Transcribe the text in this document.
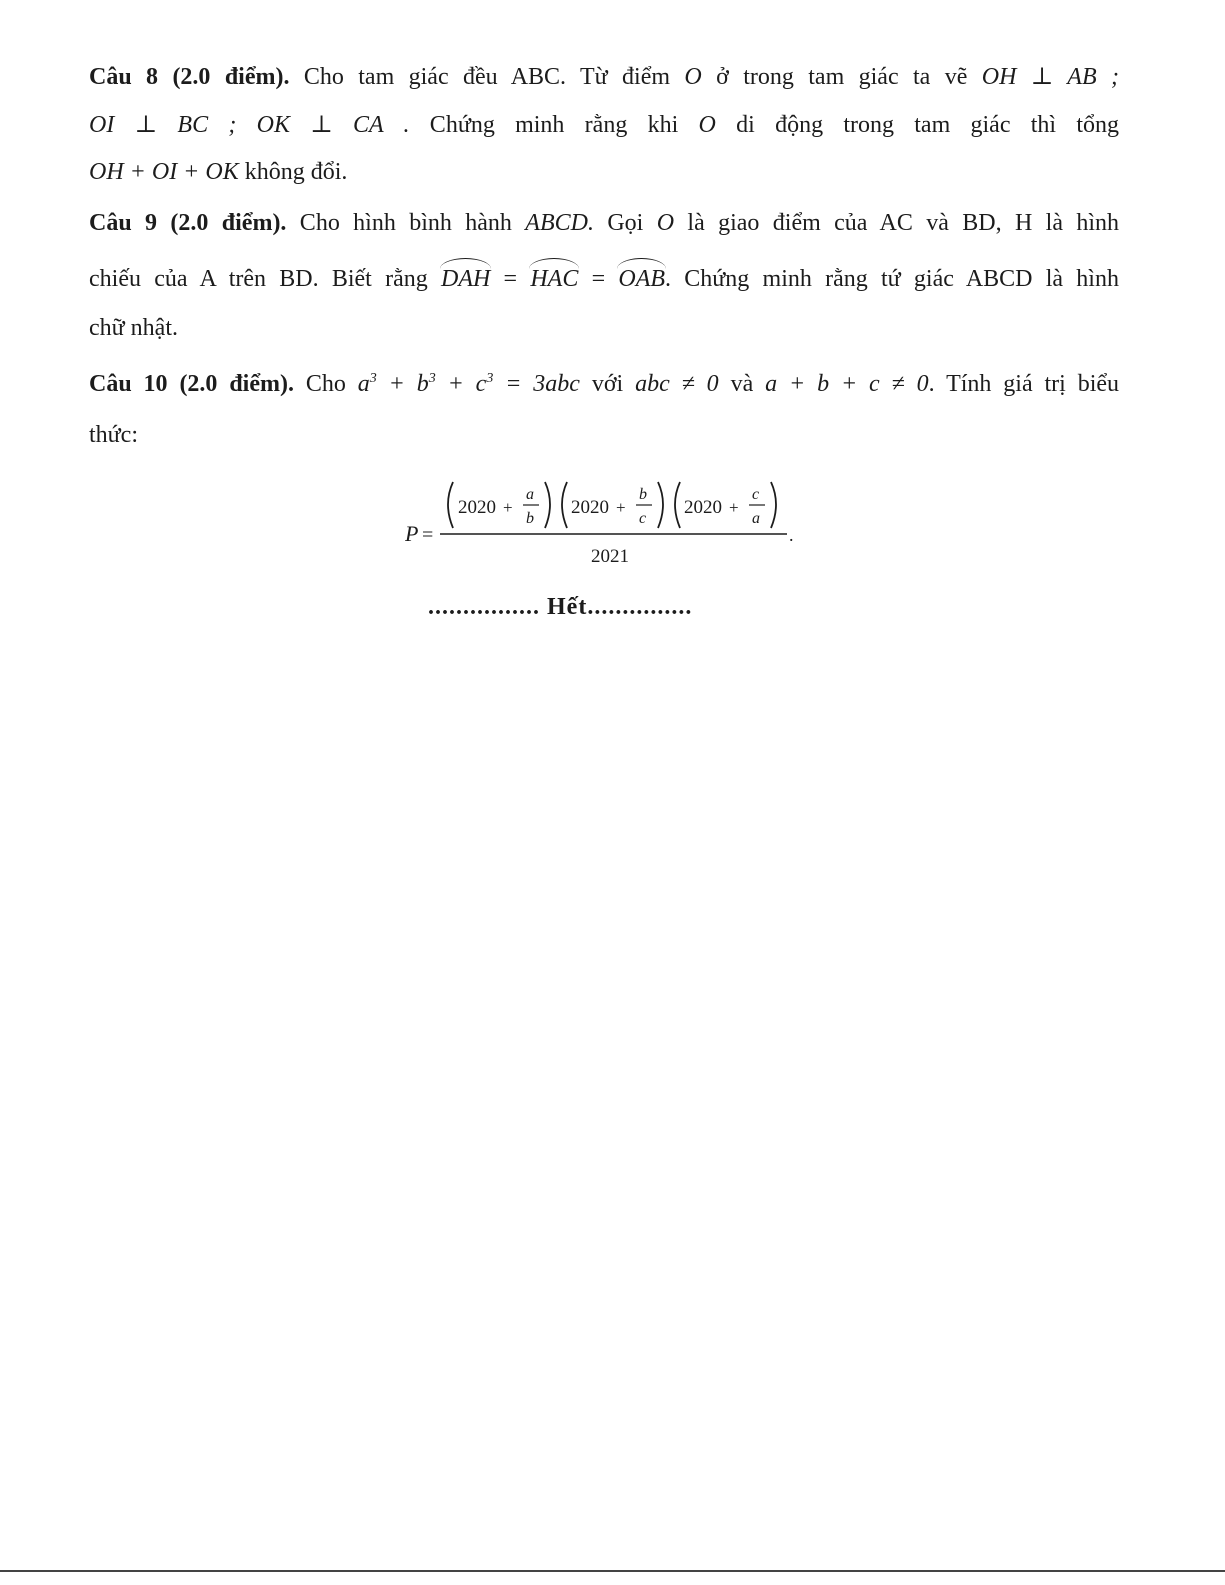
Câu 8 (2.0 điểm). Cho tam giác đều ABC. Từ điểm O ở trong tam giác ta vẽ OH ⊥ AB ;
OI ⊥ BC ; OK ⊥ CA . Chứng minh rằng khi O di động trong tam giác thì tổng
OH + OI + OK không đổi.
Câu 9 (2.0 điểm). Cho hình bình hành ABCD. Gọi O là giao điểm của AC và BD, H là hình
chiếu của A trên BD. Biết rằng DAH = HAC = OAB. Chứng minh rằng tứ giác ABCD là hình
chữ nhật.
Câu 10 (2.0 điểm). Cho $a^3 + b^3 + c^3 = 3abc$ với abc ≠ 0 và a + b + c ≠ 0. Tính giá trị biểu
thức:
P =
2020 +
a
b
2020 +
b
c
2020 +
c
a
.
2021
................ Hết...............
